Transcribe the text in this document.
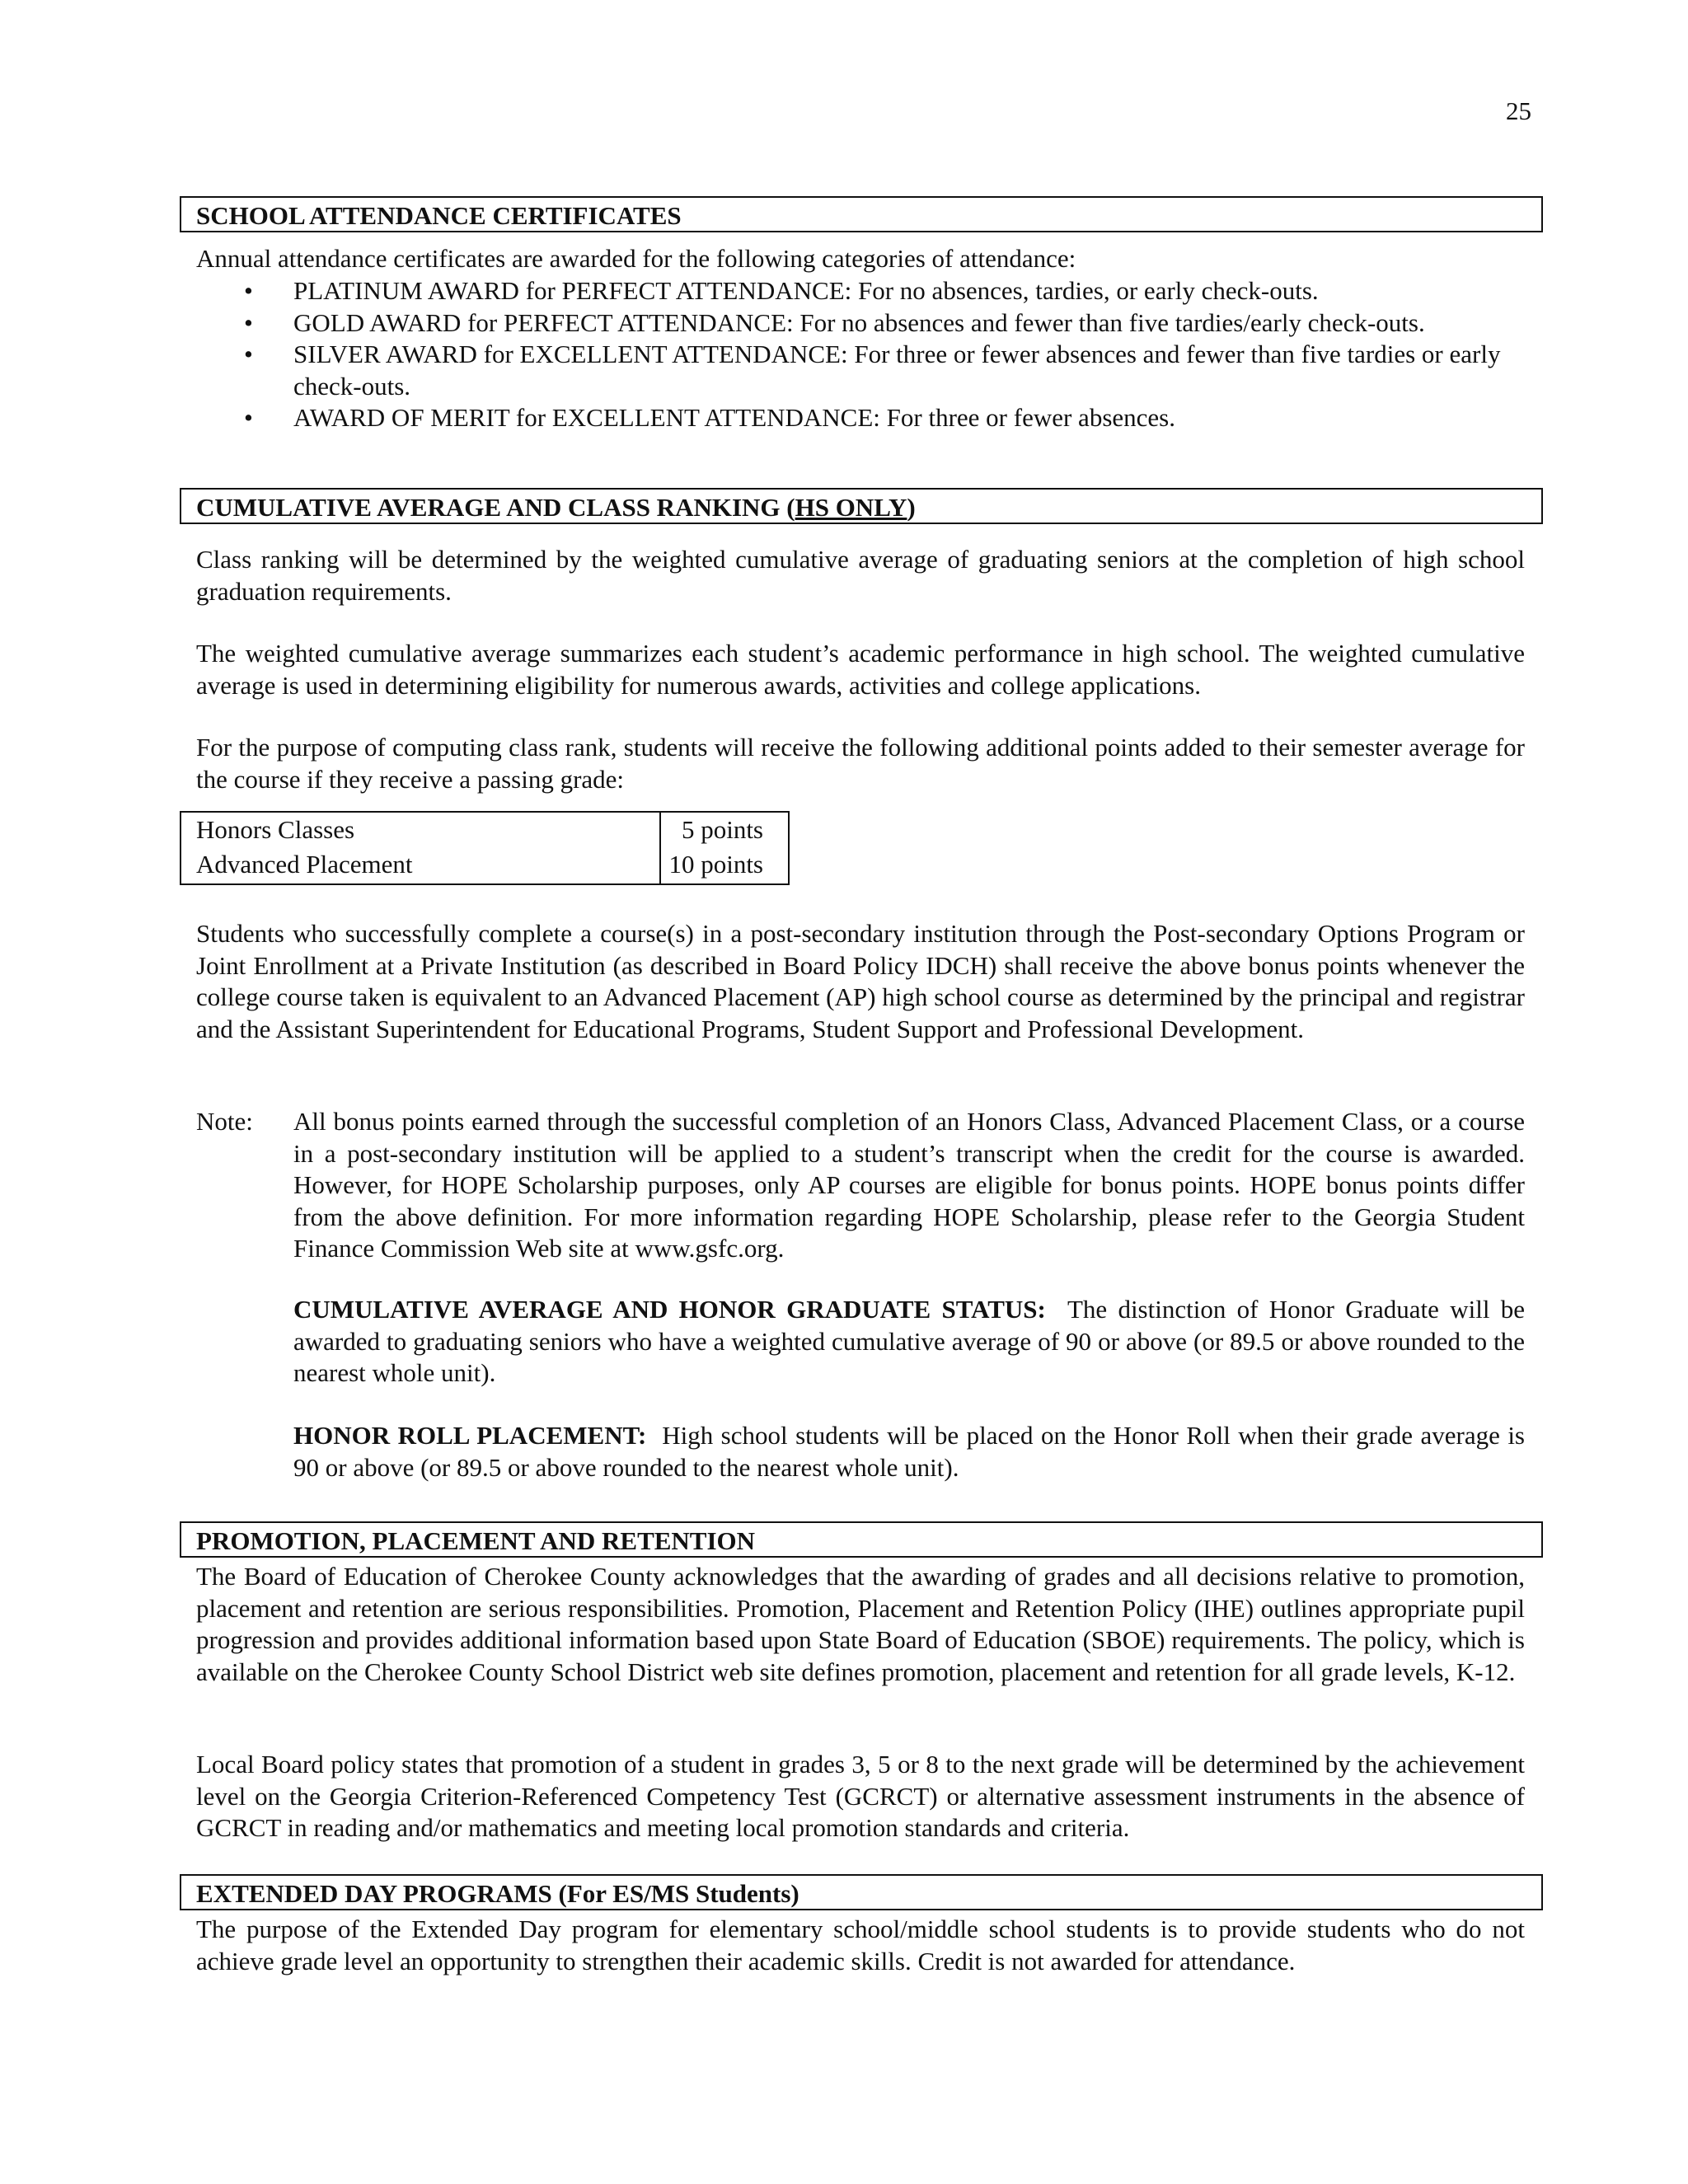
25
SCHOOL ATTENDANCE CERTIFICATES
Annual attendance certificates are awarded for the following categories of attendance:
• PLATINUM AWARD for PERFECT ATTENDANCE: For no absences, tardies, or early check-outs.
• GOLD AWARD for PERFECT ATTENDANCE: For no absences and fewer than five tardies/early check-outs.
• SILVER AWARD for EXCELLENT ATTENDANCE: For three or fewer absences and fewer than five tardies or early check-outs.
• AWARD OF MERIT for EXCELLENT ATTENDANCE: For three or fewer absences.
CUMULATIVE AVERAGE AND CLASS RANKING (HS ONLY)
Class ranking will be determined by the weighted cumulative average of graduating seniors at the completion of high school graduation requirements.
The weighted cumulative average summarizes each student’s academic performance in high school. The weighted cumulative average is used in determining eligibility for numerous awards, activities and college applications.
For the purpose of computing class rank, students will receive the following additional points added to their semester average for the course if they receive a passing grade:
Honors Classes	5 points
Advanced Placement	10 points
Students who successfully complete a course(s) in a post-secondary institution through the Post-secondary Options Program or Joint Enrollment at a Private Institution (as described in Board Policy IDCH) shall receive the above bonus points whenever the college course taken is equivalent to an Advanced Placement (AP) high school course as determined by the principal and registrar and the Assistant Superintendent for Educational Programs, Student Support and Professional Development.
Note: All bonus points earned through the successful completion of an Honors Class, Advanced Placement Class, or a course in a post-secondary institution will be applied to a student’s transcript when the credit for the course is awarded. However, for HOPE Scholarship purposes, only AP courses are eligible for bonus points. HOPE bonus points differ from the above definition. For more information regarding HOPE Scholarship, please refer to the Georgia Student Finance Commission Web site at www.gsfc.org.
CUMULATIVE AVERAGE AND HONOR GRADUATE STATUS: The distinction of Honor Graduate will be awarded to graduating seniors who have a weighted cumulative average of 90 or above (or 89.5 or above rounded to the nearest whole unit).
HONOR ROLL PLACEMENT: High school students will be placed on the Honor Roll when their grade average is 90 or above (or 89.5 or above rounded to the nearest whole unit).
PROMOTION, PLACEMENT AND RETENTION
The Board of Education of Cherokee County acknowledges that the awarding of grades and all decisions relative to promotion, placement and retention are serious responsibilities. Promotion, Placement and Retention Policy (IHE) outlines appropriate pupil progression and provides additional information based upon State Board of Education (SBOE) requirements. The policy, which is available on the Cherokee County School District web site defines promotion, placement and retention for all grade levels, K-12.
Local Board policy states that promotion of a student in grades 3, 5 or 8 to the next grade will be determined by the achievement level on the Georgia Criterion-Referenced Competency Test (GCRCT) or alternative assessment instruments in the absence of GCRCT in reading and/or mathematics and meeting local promotion standards and criteria.
EXTENDED DAY PROGRAMS (For ES/MS Students)
The purpose of the Extended Day program for elementary school/middle school students is to provide students who do not achieve grade level an opportunity to strengthen their academic skills. Credit is not awarded for attendance.
